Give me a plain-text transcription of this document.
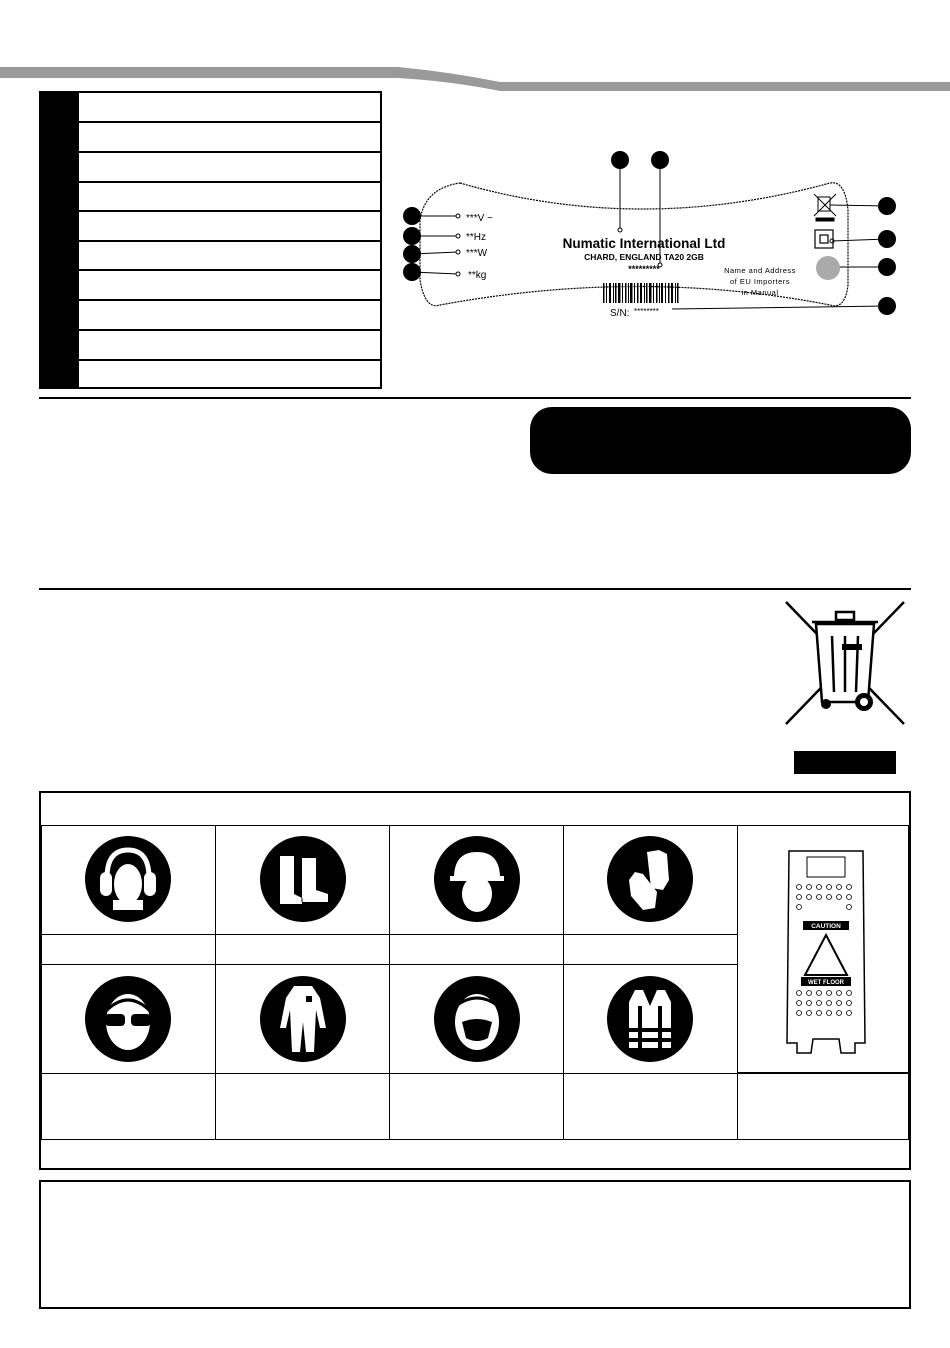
Numatic International Ltd
CHARD, ENGLAND TA20 2GB
*********
***V ~
**Hz
***W
**kg	Name and Address
of EU Importers
in Manual
S/N: ********
CAUTION
WET FLOOR
